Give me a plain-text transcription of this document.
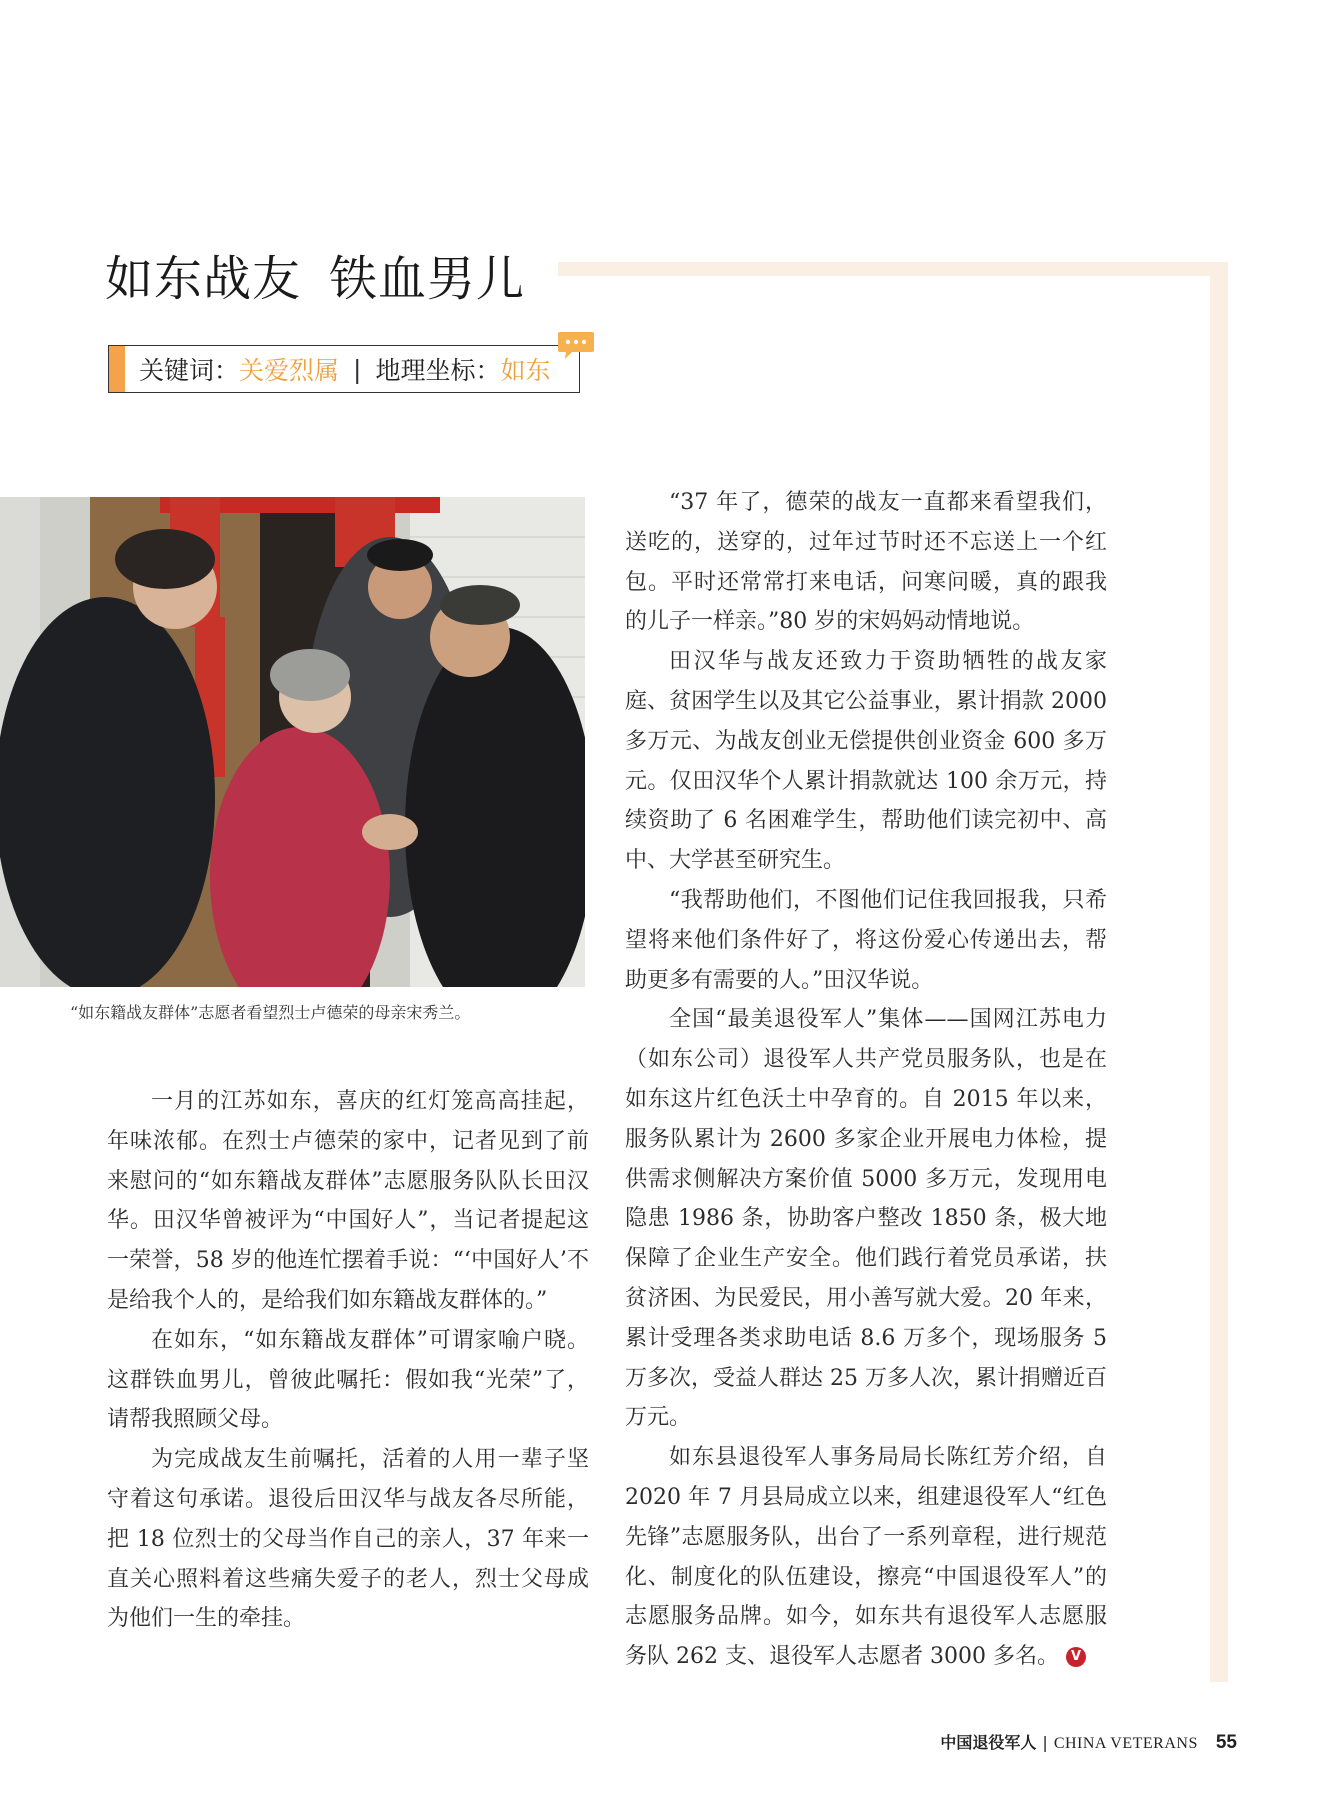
如东战友 铁血男儿
关键词： 关爱烈属 | 地理坐标： 如东
“如东籍战友群体”志愿者看望烈士卢德荣的母亲宋秀兰。

一月的江苏如东，喜庆的红灯笼高高挂起，年味浓郁。在烈士卢德荣的家中，记者见到了前来慰问的“如东籍战友群体”志愿服务队队长田汉华。田汉华曾被评为“中国好人”，当记者提起这一荣誉，58 岁的他连忙摆着手说：“‘中国好人’不是给我个人的，是给我们如东籍战友群体的。”

在如东，“如东籍战友群体”可谓家喻户晓。这群铁血男儿，曾彼此嘱托：假如我“光荣”了，请帮我照顾父母。

为完成战友生前嘱托，活着的人用一辈子坚守着这句承诺。退役后田汉华与战友各尽所能，把 18 位烈士的父母当作自己的亲人，37 年来一直关心照料着这些痛失爱子的老人，烈士父母成为他们一生的牵挂。

“37 年了，德荣的战友一直都来看望我们，送吃的，送穿的，过年过节时还不忘送上一个红包。平时还常常打来电话，问寒问暖，真的跟我的儿子一样亲。”80 岁的宋妈妈动情地说。

田汉华与战友还致力于资助牺牲的战友家庭、贫困学生以及其它公益事业，累计捐款 2000 多万元、为战友创业无偿提供创业资金 600 多万元。仅田汉华个人累计捐款就达 100 余万元，持续资助了 6 名困难学生，帮助他们读完初中、高中、大学甚至研究生。

“我帮助他们，不图他们记住我回报我，只希望将来他们条件好了，将这份爱心传递出去，帮助更多有需要的人。”田汉华说。

全国“最美退役军人”集体——国网江苏电力（如东公司）退役军人共产党员服务队，也是在如东这片红色沃土中孕育的。自 2015 年以来，服务队累计为 2600 多家企业开展电力体检，提供需求侧解决方案价值 5000 多万元，发现用电隐患 1986 条，协助客户整改 1850 条，极大地保障了企业生产安全。他们践行着党员承诺，扶贫济困、为民爱民，用小善写就大爱。20 年来，累计受理各类求助电话 8.6 万多个，现场服务 5 万多次，受益人群达 25 万多人次，累计捐赠近百万元。

如东县退役军人事务局局长陈红芳介绍，自 2020 年 7 月县局成立以来，组建退役军人“红色先锋”志愿服务队，出台了一系列章程，进行规范化、制度化的队伍建设，擦亮“中国退役军人”的志愿服务品牌。如今，如东共有退役军人志愿服务队 262 支、退役军人志愿者 3000 多名。 V

中国退役军人 | CHINA VETERANS 55
